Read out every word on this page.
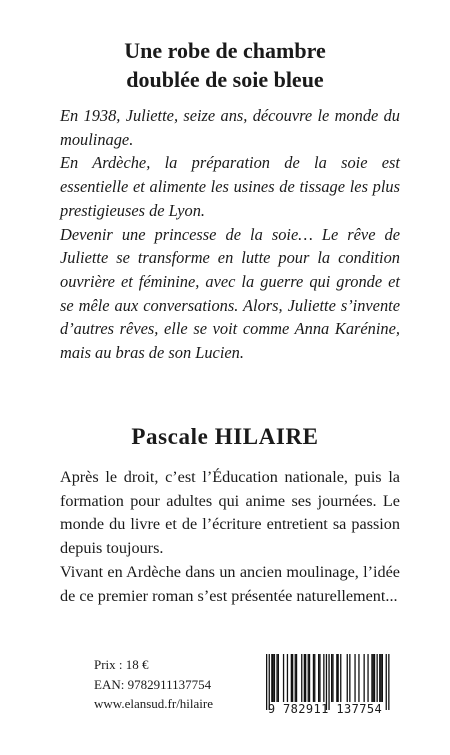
Une robe de chambre
doublée de soie bleue

En 1938, Juliette, seize ans, découvre le monde du moulinage.

En Ardèche, la préparation de la soie est essentielle et alimente les usines de tissage les plus prestigieuses de Lyon.

Devenir une princesse de la soie… Le rêve de Juliette se transforme en lutte pour la condition ouvrière et féminine, avec la guerre qui gronde et se mêle aux conversations. Alors, Juliette s’invente d’autres rêves, elle se voit comme Anna Karénine, mais au bras de son Lucien.

Pascale HILAIRE

Après le droit, c’est l’Éducation nationale, puis la formation pour adultes qui anime ses journées. Le monde du livre et de l’écriture entretient sa passion depuis toujours.

Vivant en Ardèche dans un ancien moulinage, l’idée de ce premier roman s’est présentée naturellement...

Prix : 18 €
EAN: 9782911137754
www.elansud.fr/hilaire	9 782911 137754
